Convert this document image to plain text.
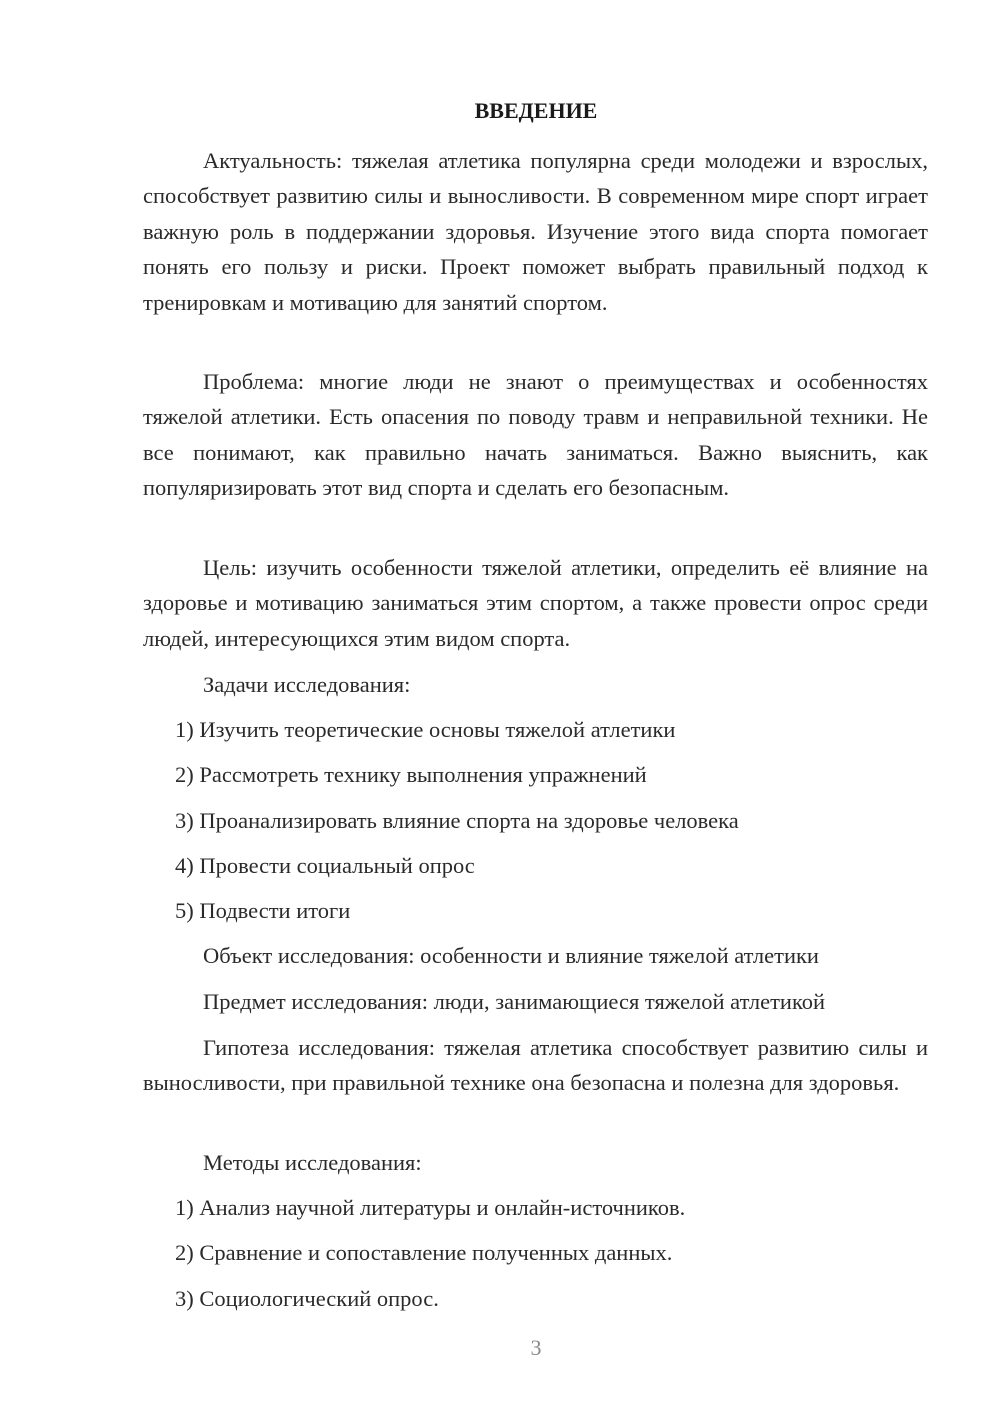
ВВЕДЕНИЕ

Актуальность: тяжелая атлетика популярна среди молодежи и взрослых, способствует развитию силы и выносливости. В современном мире спорт играет важную роль в поддержании здоровья. Изучение этого вида спорта помогает понять его пользу и риски. Проект поможет выбрать правильный подход к тренировкам и мотивацию для занятий спортом.

Проблема: многие люди не знают о преимуществах и особенностях тяжелой атлетики. Есть опасения по поводу травм и неправильной техники. Не все понимают, как правильно начать заниматься. Важно выяснить, как популяризировать этот вид спорта и сделать его безопасным.

Цель: изучить особенности тяжелой атлетики, определить её влияние на здоровье и мотивацию заниматься этим спортом, а также провести опрос среди людей, интересующихся этим видом спорта.

Задачи исследования:

1) Изучить теоретические основы тяжелой атлетики

2) Рассмотреть технику выполнения упражнений

3) Проанализировать влияние спорта на здоровье человека

4) Провести социальный опрос

5) Подвести итоги

Объект исследования: особенности и влияние тяжелой атлетики

Предмет исследования: люди, занимающиеся тяжелой атлетикой

Гипотеза исследования: тяжелая атлетика способствует развитию силы и выносливости, при правильной технике она безопасна и полезна для здоровья.

Методы исследования:

1) Анализ научной литературы и онлайн-источников.

2) Сравнение и сопоставление полученных данных.

3) Социологический опрос.

3
